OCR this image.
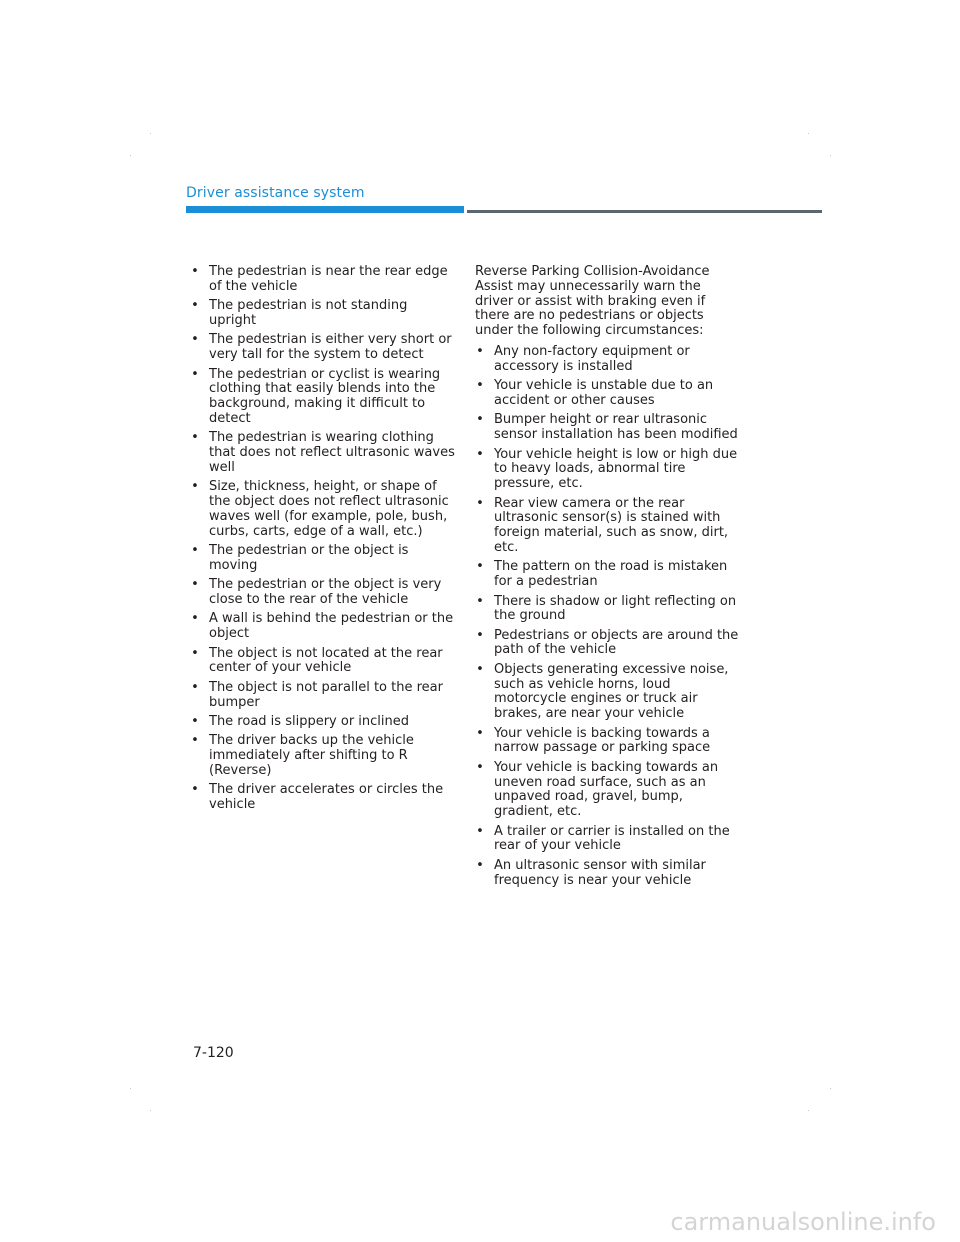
Driver assistance system
• The pedestrian is near the rear edge of the vehicle
• The pedestrian is not standing upright
• The pedestrian is either very short or very tall for the system to detect
• The pedestrian or cyclist is wearing clothing that easily blends into the background, making it difficult to detect
• The pedestrian is wearing clothing that does not reflect ultrasonic waves well
• Size, thickness, height, or shape of the object does not reflect ultrasonic waves well (for example, pole, bush, curbs, carts, edge of a wall, etc.)
• The pedestrian or the object is moving
• The pedestrian or the object is very close to the rear of the vehicle
• A wall is behind the pedestrian or the object
• The object is not located at the rear center of your vehicle
• The object is not parallel to the rear bumper
• The road is slippery or inclined
• The driver backs up the vehicle immediately after shifting to R (Reverse)
• The driver accelerates or circles the vehicle

Reverse Parking Collision-Avoidance Assist may unnecessarily warn the driver or assist with braking even if there are no pedestrians or objects under the following circumstances:

• Any non-factory equipment or accessory is installed
• Your vehicle is unstable due to an accident or other causes
• Bumper height or rear ultrasonic sensor installation has been modified
• Your vehicle height is low or high due to heavy loads, abnormal tire pressure, etc.
• Rear view camera or the rear ultrasonic sensor(s) is stained with foreign material, such as snow, dirt, etc.
• The pattern on the road is mistaken for a pedestrian
• There is shadow or light reflecting on the ground
• Pedestrians or objects are around the path of the vehicle
• Objects generating excessive noise, such as vehicle horns, loud motorcycle engines or truck air brakes, are near your vehicle
• Your vehicle is backing towards a narrow passage or parking space
• Your vehicle is backing towards an uneven road surface, such as an unpaved road, gravel, bump, gradient, etc.
• A trailer or carrier is installed on the rear of your vehicle
• An ultrasonic sensor with similar frequency is near your vehicle
7-120
carmanualsonline.info
